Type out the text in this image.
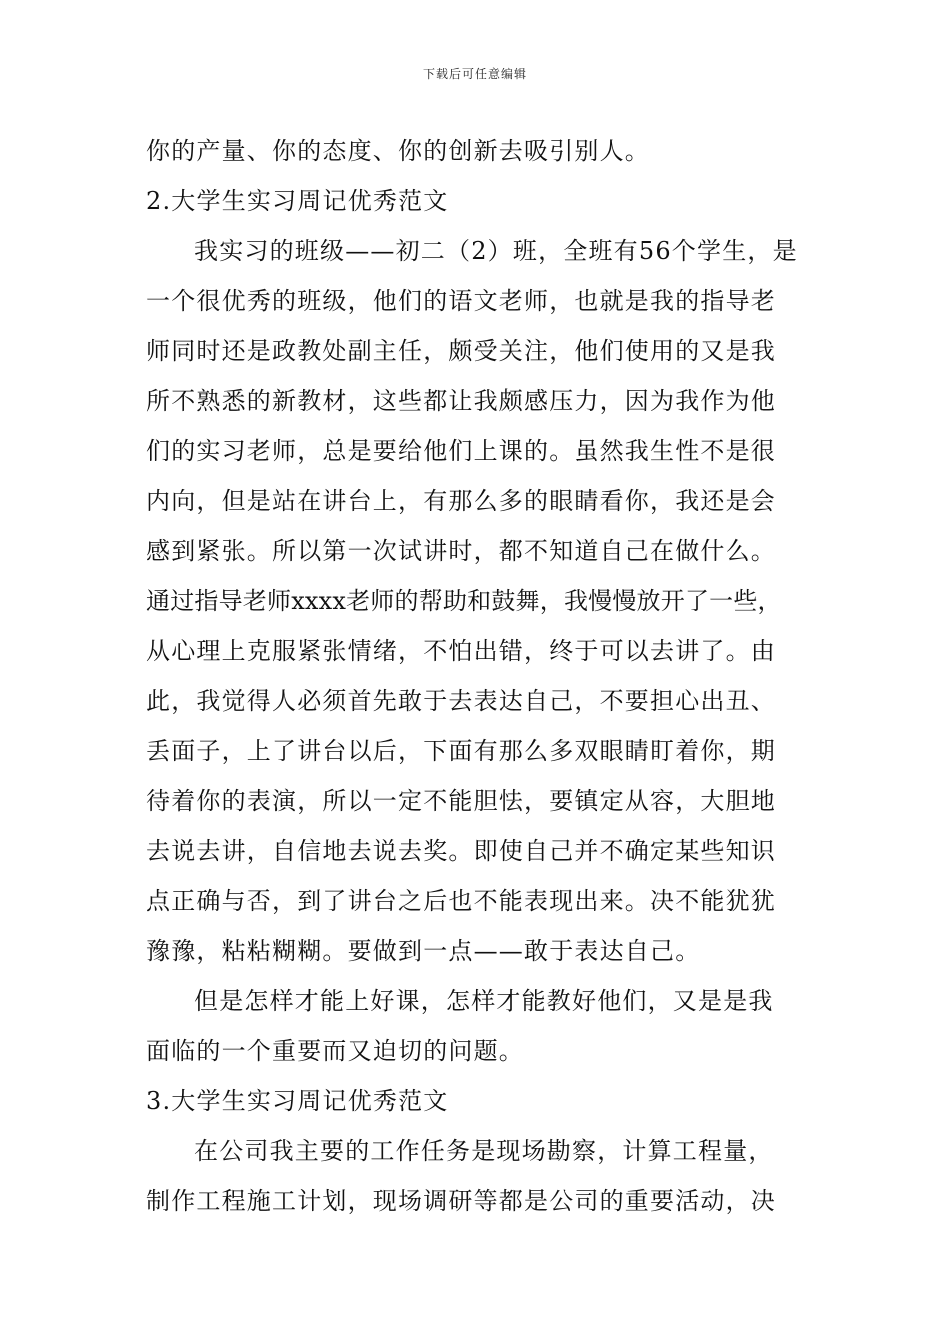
下载后可任意编辑
你的产量、你的态度、你的创新去吸引别人。
2.大学生实习周记优秀范文
我实习的班级——初二（2）班，全班有56个学生，是
一个很优秀的班级，他们的语文老师，也就是我的指导老
师同时还是政教处副主任，颇受关注，他们使用的又是我
所不熟悉的新教材，这些都让我颇感压力，因为我作为他
们的实习老师，总是要给他们上课的。虽然我生性不是很
内向，但是站在讲台上，有那么多的眼睛看你，我还是会
感到紧张。所以第一次试讲时，都不知道自己在做什么。
通过指导老师xxxx老师的帮助和鼓舞，我慢慢放开了一些，
从心理上克服紧张情绪，不怕出错，终于可以去讲了。由
此，我觉得人必须首先敢于去表达自己，不要担心出丑、
丢面子，上了讲台以后，下面有那么多双眼睛盯着你，期
待着你的表演，所以一定不能胆怯，要镇定从容，大胆地
去说去讲，自信地去说去奖。即使自己并不确定某些知识
点正确与否，到了讲台之后也不能表现出来。决不能犹犹
豫豫，粘粘糊糊。要做到一点——敢于表达自己。
但是怎样才能上好课，怎样才能教好他们，又是是我
面临的一个重要而又迫切的问题。
3.大学生实习周记优秀范文
在公司我主要的工作任务是现场勘察，计算工程量，
制作工程施工计划，现场调研等都是公司的重要活动，决
